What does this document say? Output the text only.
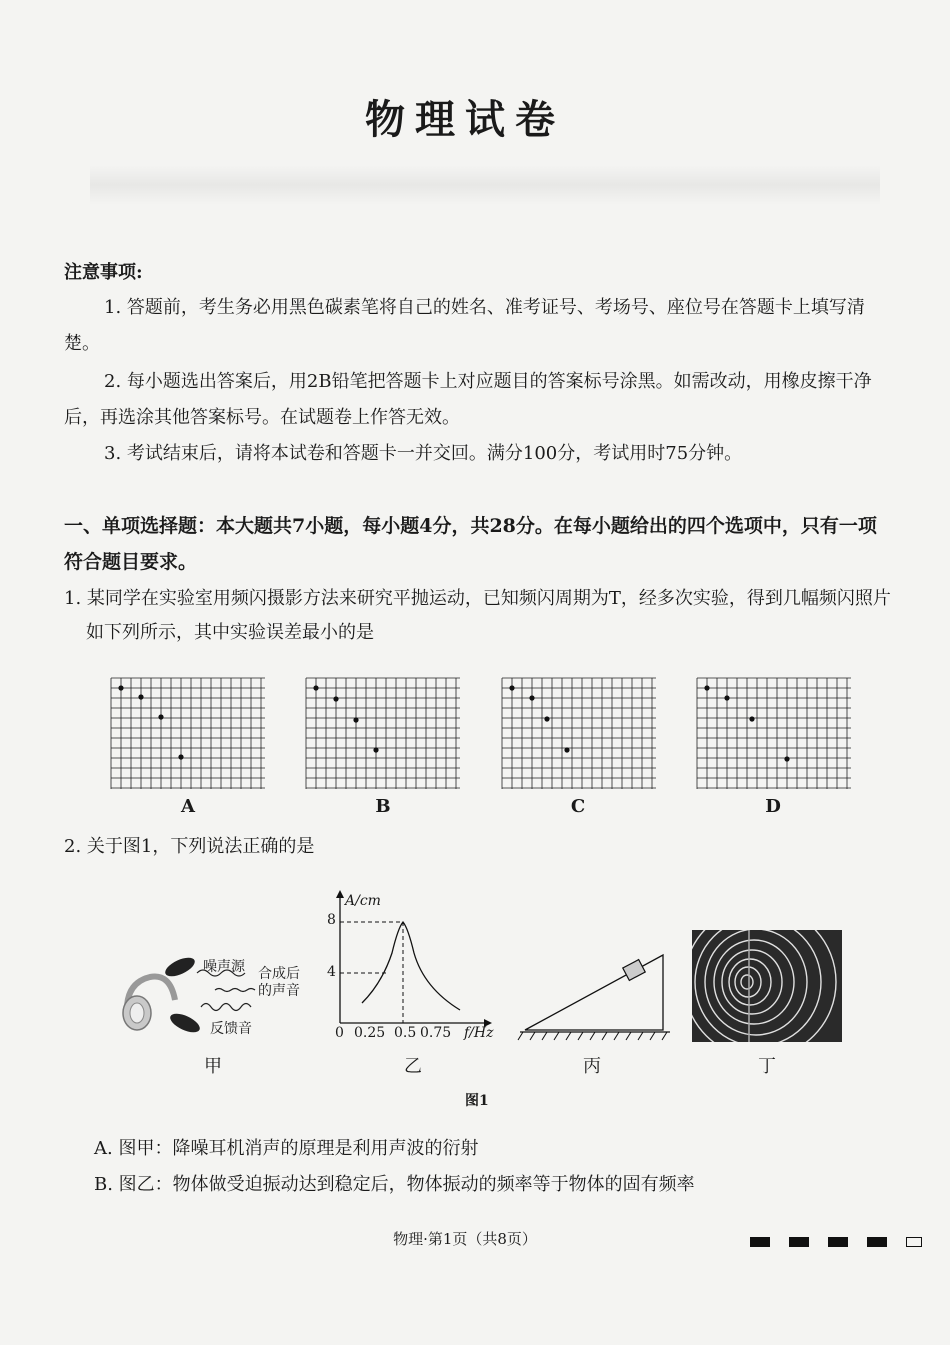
物理试卷
注意事项:
1. 答题前，考生务必用黑色碳素笔将自己的姓名、准考证号、考场号、座位号在答题卡上填写清楚。
2. 每小题选出答案后，用2B铅笔把答题卡上对应题目的答案标号涂黑。如需改动，用橡皮擦干净后，再选涂其他答案标号。在试题卷上作答无效。
3. 考试结束后，请将本试卷和答题卡一并交回。满分100分，考试用时75分钟。
一、单项选择题：本大题共7小题，每小题4分，共28分。在每小题给出的四个选项中，只有一项符合题目要求。
1. 某同学在实验室用频闪摄影方法来研究平抛运动，已知频闪周期为T，经多次实验，得到几幅频闪照片如下列所示，其中实验误差最小的是
A	B	C	D
2. 关于图1，下列说法正确的是
噪声源 合成后
的声音
反馈音
甲
A/cm
8
4
0 0.25 0.5 0.75 f/Hz
乙	丙	丁
图1
A. 图甲：降噪耳机消声的原理是利用声波的衍射
B. 图乙：物体做受迫振动达到稳定后，物体振动的频率等于物体的固有频率
物理·第1页（共8页）
